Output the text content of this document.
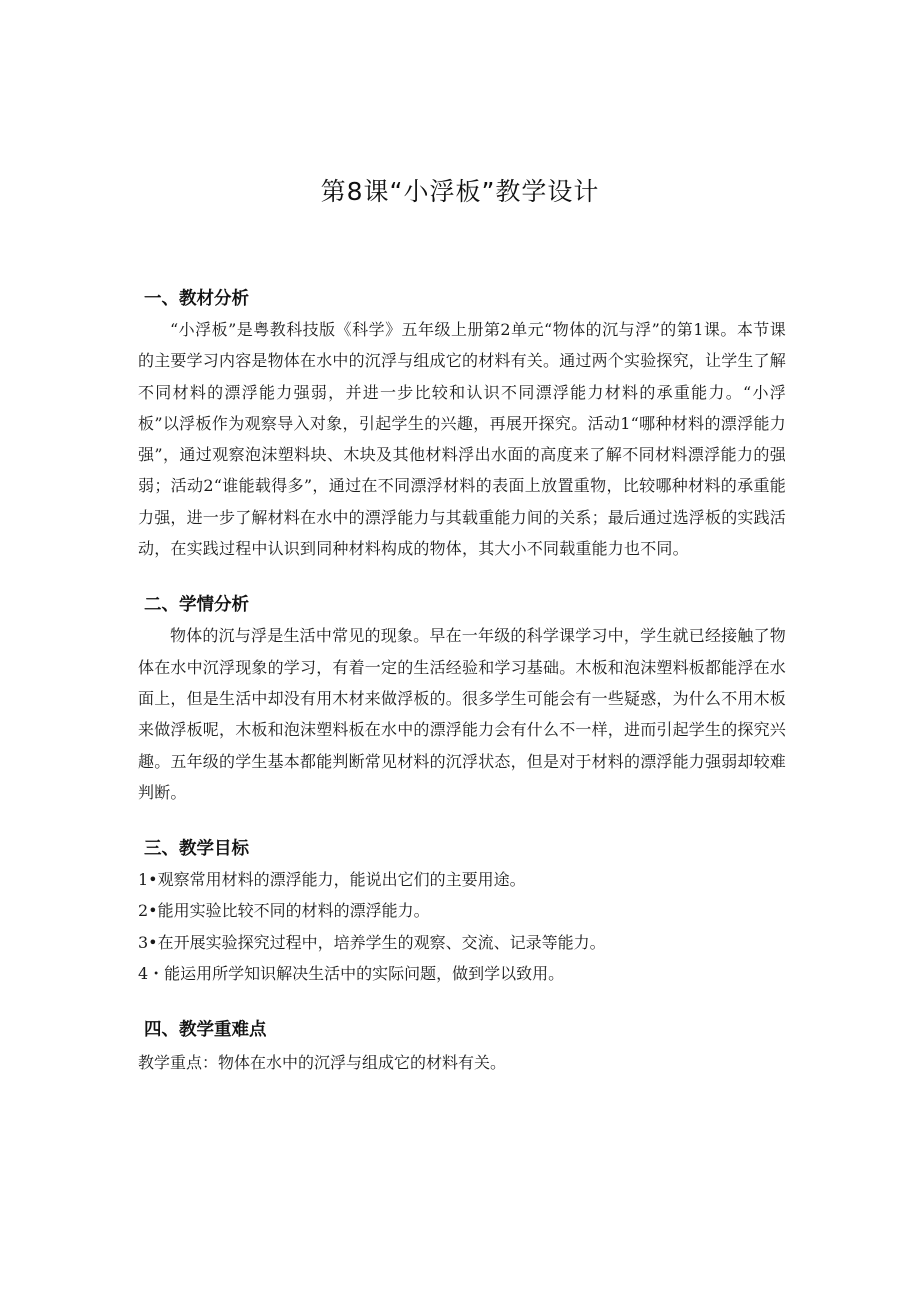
第8课“小浮板”教学设计
一、教材分析

“小浮板”是粤教科技版《科学》五年级上册第2单元“物体的沉与浮”的第1课。本节课的主要学习内容是物体在水中的沉浮与组成它的材料有关。通过两个实验探究，让学生了解不同材料的漂浮能力强弱，并进一步比较和认识不同漂浮能力材料的承重能力。“小浮板”以浮板作为观察导入对象，引起学生的兴趣，再展开探究。活动1“哪种材料的漂浮能力强”，通过观察泡沫塑料块、木块及其他材料浮出水面的高度来了解不同材料漂浮能力的强弱；活动2“谁能载得多”，通过在不同漂浮材料的表面上放置重物，比较哪种材料的承重能力强，进一步了解材料在水中的漂浮能力与其载重能力间的关系；最后通过选浮板的实践活动，在实践过程中认识到同种材料构成的物体，其大小不同载重能力也不同。

二、学情分析

物体的沉与浮是生活中常见的现象。早在一年级的科学课学习中，学生就已经接触了物体在水中沉浮现象的学习，有着一定的生活经验和学习基础。木板和泡沫塑料板都能浮在水面上，但是生活中却没有用木材来做浮板的。很多学生可能会有一些疑惑，为什么不用木板来做浮板呢，木板和泡沫塑料板在水中的漂浮能力会有什么不一样，进而引起学生的探究兴趣。五年级的学生基本都能判断常见材料的沉浮状态，但是对于材料的漂浮能力强弱却较难判断。

三、教学目标

1•观察常用材料的漂浮能力，能说出它们的主要用途。

2•能用实验比较不同的材料的漂浮能力。

3•在开展实验探究过程中，培养学生的观察、交流、记录等能力。

4・能运用所学知识解决生活中的实际问题，做到学以致用。

四、教学重难点

教学重点：物体在水中的沉浮与组成它的材料有关。
